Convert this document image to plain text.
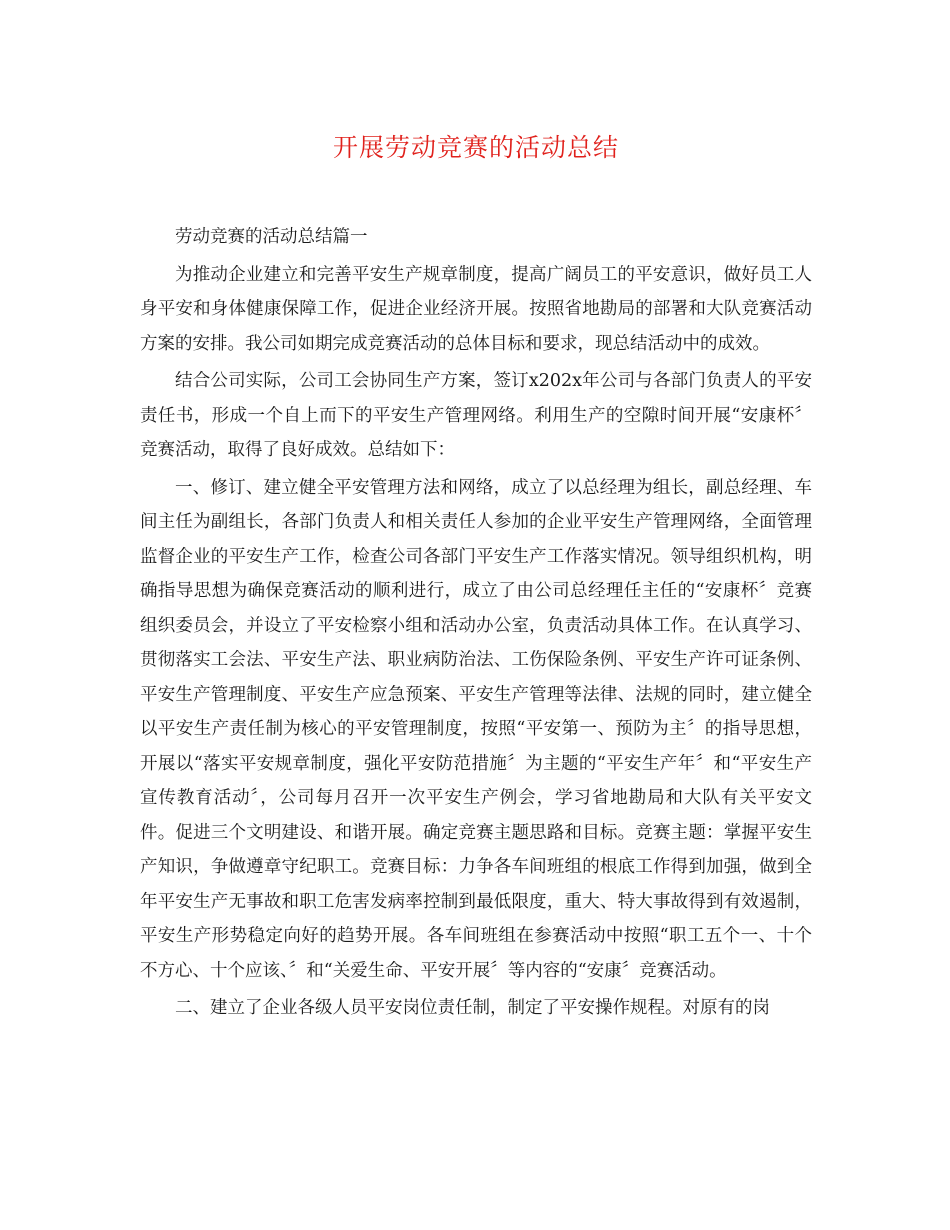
开展劳动竞赛的活动总结

劳动竞赛的活动总结篇一

为推动企业建立和完善平安生产规章制度，提高广阔员工的平安意识，做好员工人身平安和身体健康保障工作，促进企业经济开展。按照省地勘局的部署和大队竞赛活动方案的安排。我公司如期完成竞赛活动的总体目标和要求，现总结活动中的成效。

结合公司实际，公司工会协同生产方案，签订x202x年公司与各部门负责人的平安责任书，形成一个自上而下的平安生产管理网络。利用生产的空隙时间开展“安康杯〞竞赛活动，取得了良好成效。总结如下：

一、修订、建立健全平安管理方法和网络，成立了以总经理为组长，副总经理、车间主任为副组长，各部门负责人和相关责任人参加的企业平安生产管理网络，全面管理监督企业的平安生产工作，检查公司各部门平安生产工作落实情况。领导组织机构，明确指导思想为确保竞赛活动的顺利进行，成立了由公司总经理任主任的“安康杯〞竞赛组织委员会，并设立了平安检察小组和活动办公室，负责活动具体工作。在认真学习、贯彻落实工会法、平安生产法、职业病防治法、工伤保险条例、平安生产许可证条例、平安生产管理制度、平安生产应急预案、平安生产管理等法律、法规的同时，建立健全以平安生产责任制为核心的平安管理制度，按照“平安第一、预防为主〞的指导思想，开展以“落实平安规章制度，强化平安防范措施〞为主题的“平安生产年〞和“平安生产宣传教育活动〞，公司每月召开一次平安生产例会，学习省地勘局和大队有关平安文件。促进三个文明建设、和谐开展。确定竞赛主题思路和目标。竞赛主题：掌握平安生产知识，争做遵章守纪职工。竞赛目标：力争各车间班组的根底工作得到加强，做到全年平安生产无事故和职工危害发病率控制到最低限度，重大、特大事故得到有效遏制，平安生产形势稳定向好的趋势开展。各车间班组在参赛活动中按照“职工五个一、十个不方心、十个应该、〞和“关爱生命、平安开展〞等内容的“安康〞竞赛活动。

二、建立了企业各级人员平安岗位责任制，制定了平安操作规程。对原有的岗
